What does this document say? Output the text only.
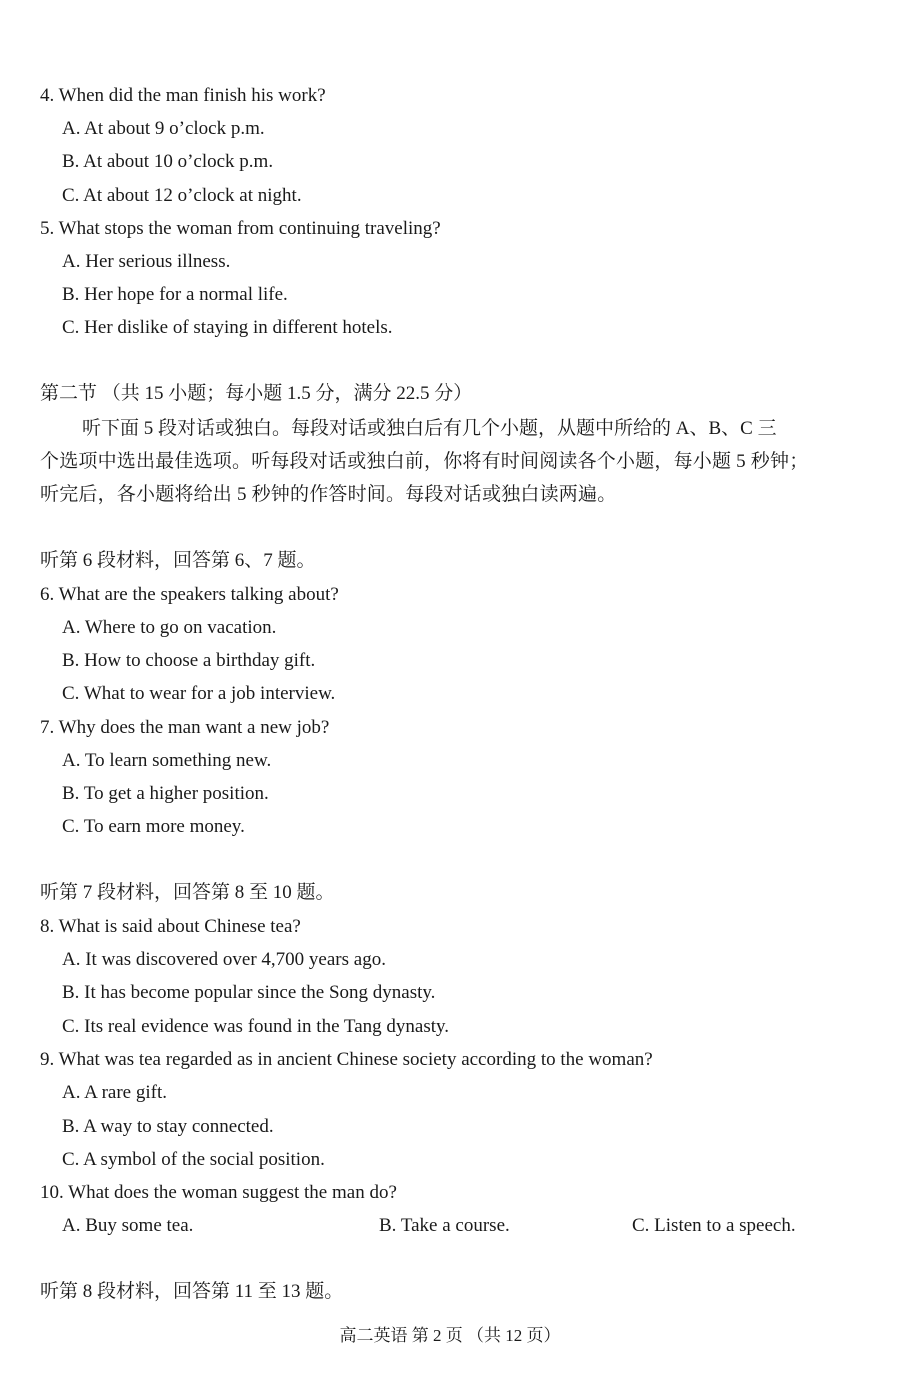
4. When did the man finish his work?
A. At about 9 o’clock p.m.
B. At about 10 o’clock p.m.
C. At about 12 o’clock at night.
5. What stops the woman from continuing traveling?
A. Her serious illness.
B. Her hope for a normal life.
C. Her dislike of staying in different hotels.
第二节 （共 15 小题；每小题 1.5 分，满分 22.5 分）
听下面 5 段对话或独白。每段对话或独白后有几个小题，从题中所给的 A、B、C 三
个选项中选出最佳选项。听每段对话或独白前，你将有时间阅读各个小题，每小题 5 秒钟；
听完后，各小题将给出 5 秒钟的作答时间。每段对话或独白读两遍。
听第 6 段材料，回答第 6、7 题。
6. What are the speakers talking about?
A. Where to go on vacation.
B. How to choose a birthday gift.
C. What to wear for a job interview.
7. Why does the man want a new job?
A. To learn something new.
B. To get a higher position.
C. To earn more money.
听第 7 段材料，回答第 8 至 10 题。
8. What is said about Chinese tea?
A. It was discovered over 4,700 years ago.
B. It has become popular since the Song dynasty.
C. Its real evidence was found in the Tang dynasty.
9. What was tea regarded as in ancient Chinese society according to the woman?
A. A rare gift.
B. A way to stay connected.
C. A symbol of the social position.
10. What does the woman suggest the man do?
A. Buy some tea.	B. Take a course.	C. Listen to a speech.
听第 8 段材料，回答第 11 至 13 题。
高二英语 第 2 页 （共 12 页）
